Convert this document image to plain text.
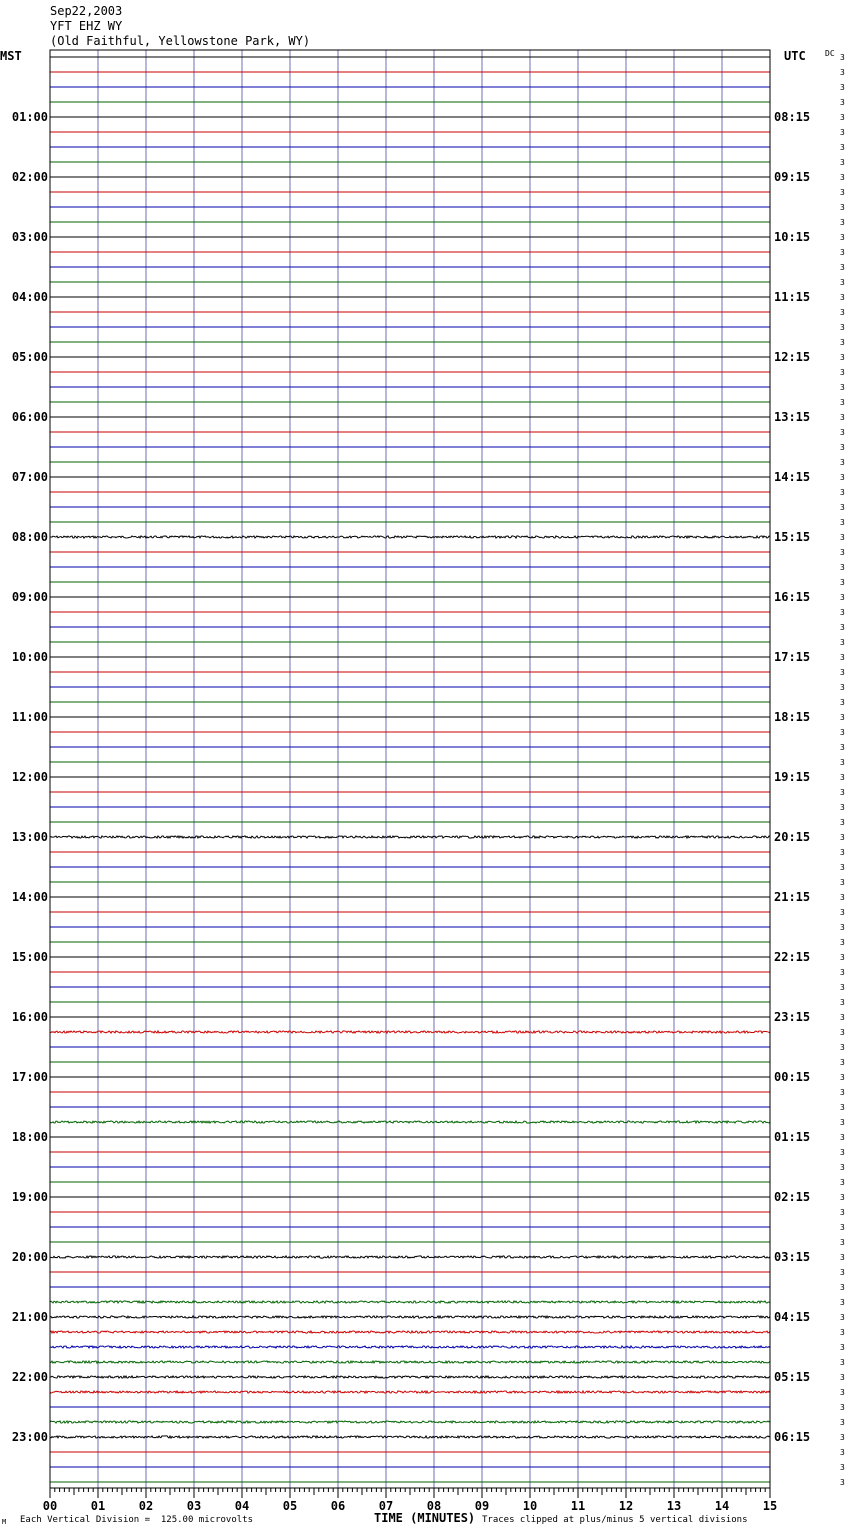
Sep22,2003
YFT EHZ WY
(Old Faithful, Yellowstone Park, WY)
MST	UTC DC
01:00
02:00
03:00
04:00
05:00
06:00
07:00
08:00
09:00
10:00
11:00
12:00
13:00
14:00
15:00
16:00
17:00
18:00
19:00
20:00
21:00
22:00
23:00
08:15
09:15
10:15
11:15
12:15
13:15
14:15
15:15
16:15
17:15
18:15
19:15
20:15
21:15
22:15
23:15
00:15
01:15
02:15
03:15
04:15
05:15
06:15
3
3
3
3
3
3
3
3
3
3
3
3
3
3
3
3
3
3
3
3
3
3
3
3
3
3
3
3
3
3
3
3
3
3
3
3
3
3
3
3
3
3
3
3
3
3
3
3
3
3
3
3
3
3
3
3
3
3
3
3
3
3
3
3
3
3
3
3
3
3
3
3
3
3
3
3
3
3
3
3
3
3
3
3
3
3
3
3
3
3
3
3
3
3
3
3
00	01	02	03	04	05	06	07	08	09	10	11	12	13	14	15
M Each Vertical Division =  125.00 microvolts	TIME (MINUTES) Traces clipped at plus/minus 5 vertical divisions
